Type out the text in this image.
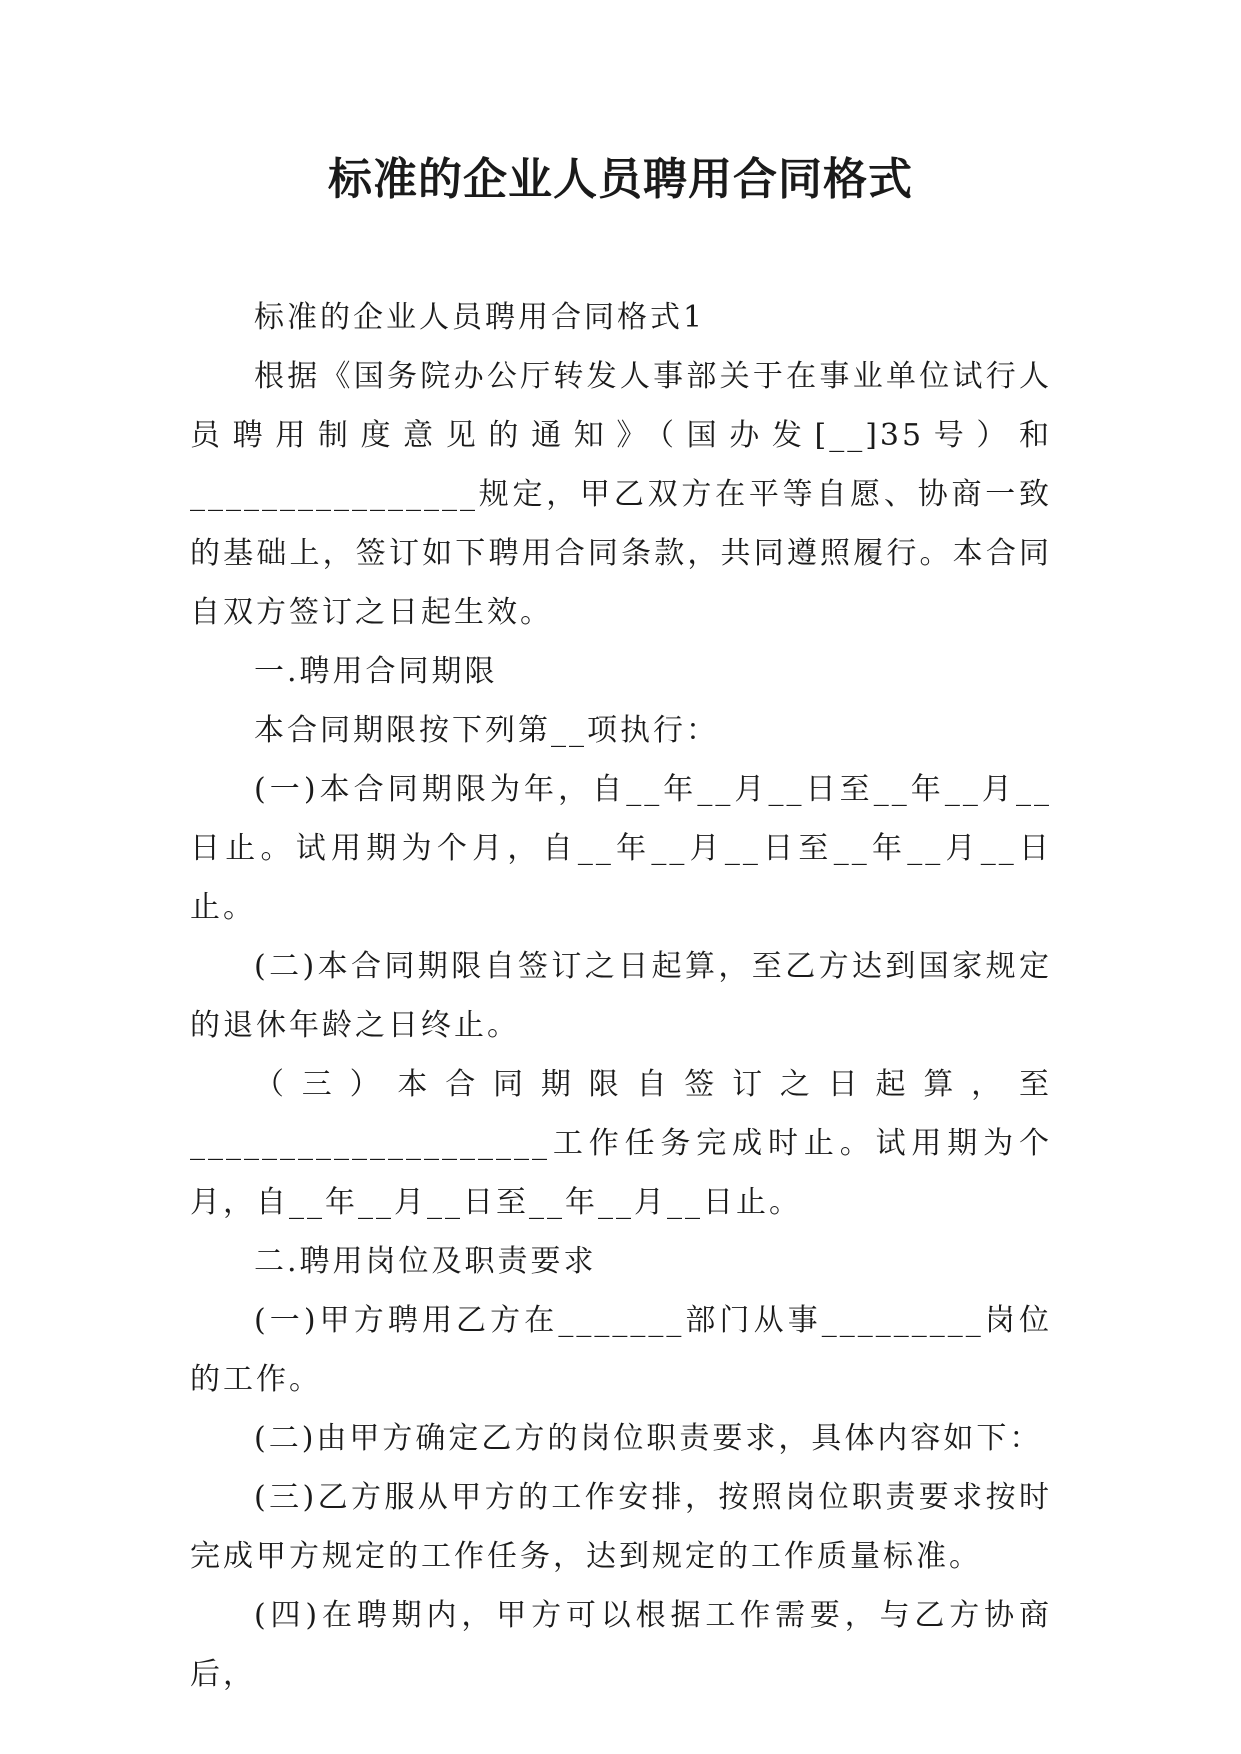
标准的企业人员聘用合同格式

标准的企业人员聘用合同格式1

根据《国务院办公厅转发人事部关于在事业单位试行人员聘用制度意见的通知》（国办发[__]35号）和________________规定，甲乙双方在平等自愿、协商一致的基础上，签订如下聘用合同条款，共同遵照履行。本合同自双方签订之日起生效。

一.聘用合同期限

本合同期限按下列第__项执行：

(一)本合同期限为年，自__年__月__日至__年__月__日止。试用期为个月，自__年__月__日至__年__月__日止。

(二)本合同期限自签订之日起算，至乙方达到国家规定的退休年龄之日终止。

（三）本合同期限自签订之日起算，至____________________工作任务完成时止。试用期为个月，自__年__月__日至__年__月__日止。

二.聘用岗位及职责要求

(一)甲方聘用乙方在_______部门从事_________岗位的工作。

(二)由甲方确定乙方的岗位职责要求，具体内容如下：

(三)乙方服从甲方的工作安排，按照岗位职责要求按时完成甲方规定的工作任务，达到规定的工作质量标准。

(四)在聘期内，甲方可以根据工作需要，与乙方协商后，
